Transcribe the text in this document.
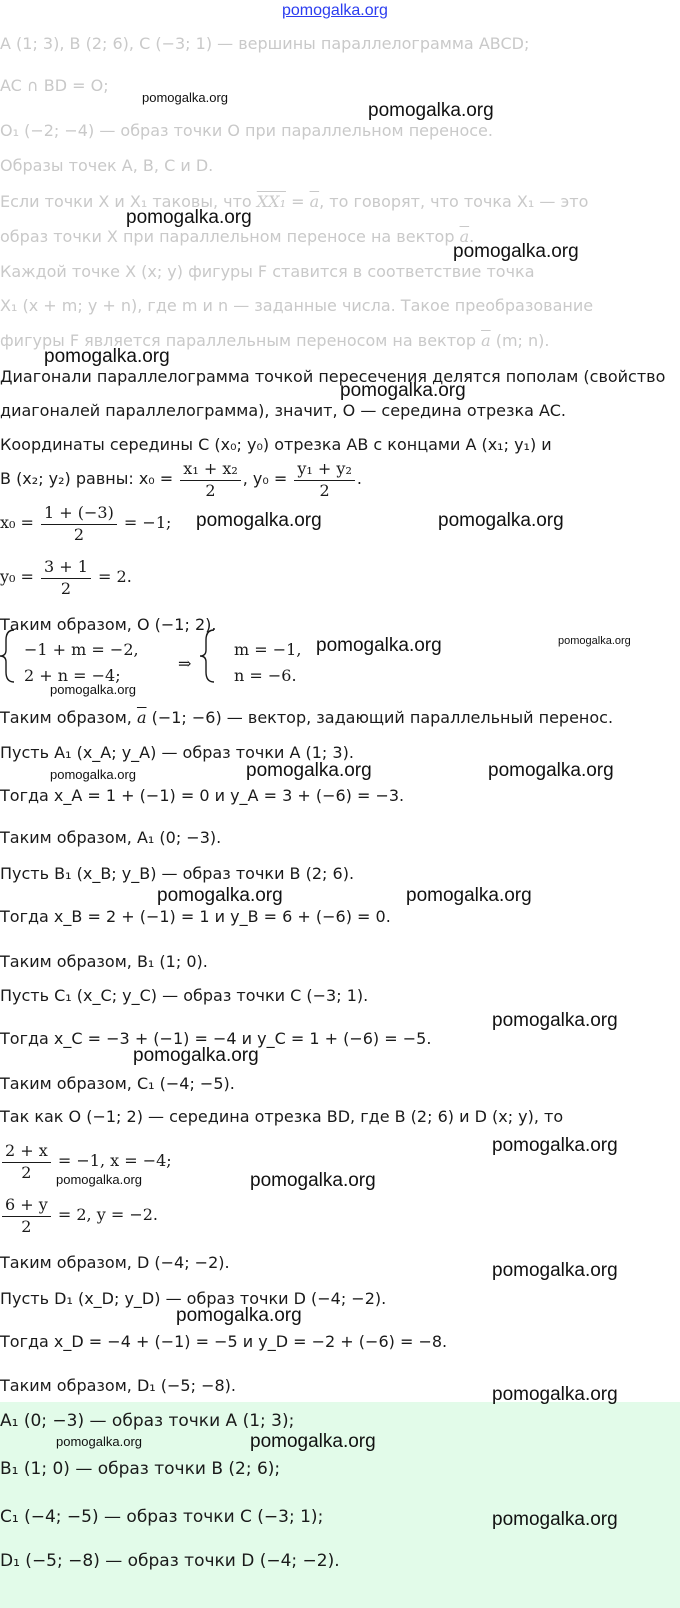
pomogalka.org
A (1; 3), B (2; 6), C (−3; 1) — вершины параллелограмма ABCD;
AC ∩ BD = O;
O₁ (−2; −4) — образ точки O при параллельном переносе.
Образы точек A, B, C и D.
Если точки X и X₁ таковы, что $XX_1 = \overline{a}$, то говорят, что точка X₁ — это
образ точки X при параллельном переносе на вектор $\overline{a}$.
Каждой точке X (x; y) фигуры F ставится в соответствие точка
X₁ (x + m; y + n), где m и n — заданные числа. Такое преобразование
фигуры F является параллельным переносом на вектор $\overline{a}$ (m; n).
Диагонали параллелограмма точкой пересечения делятся пополам (свойство
диагоналей параллелограмма), значит, O — середина отрезка AC.
Координаты середины C (x₀; y₀) отрезка AB с концами A (x₁; y₁) и
B (x₂; y₂) равны: $x_0 = \frac{\text{x₁ + x₂}}{2}$ , $y_0 = \frac{\text{y₁ + y₂}}{2}$ .
$x_0 = \frac{1 + (-3)}{2} = -1$;
$y_0 = \frac{3 + 1}{2} = 2$.
Таким образом, O (−1; 2).
−1 + m = −2,
2 + n = −4;
⇒
m = −1,
n = −6.
Таким образом, $\overline{a}$ (−1; −6) — вектор, задающий параллельный перенос.
Пусть A₁ (x_A; y_A) — образ точки A (1; 3).
Тогда x_A = 1 + (−1) = 0 и y_A = 3 + (−6) = −3.
Таким образом, A₁ (0; −3).
Пусть B₁ (x_B; y_B) — образ точки B (2; 6).
Тогда x_B = 2 + (−1) = 1 и y_B = 6 + (−6) = 0.
Таким образом, B₁ (1; 0).
Пусть C₁ (x_C; y_C) — образ точки C (−3; 1).
Тогда x_C = −3 + (−1) = −4 и y_C = 1 + (−6) = −5.
Таким образом, C₁ (−4; −5).
Так как O (−1; 2) — середина отрезка BD, где B (2; 6) и D (x; y), то
$\frac{2 + x}{2} = -1$, x = −4;
$\frac{6 + y}{2} = 2$, y = −2.
Таким образом, D (−4; −2).
Пусть D₁ (x_D; y_D) — образ точки D (−4; −2).
Тогда x_D = −4 + (−1) = −5 и y_D = −2 + (−6) = −8.
Таким образом, D₁ (−5; −8).
A₁ (0; −3) — образ точки A (1; 3);
B₁ (1; 0) — образ точки B (2; 6);
C₁ (−4; −5) — образ точки C (−3; 1);
D₁ (−5; −8) — образ точки D (−4; −2).
pomogalka.org
pomogalka.org
pomogalka.org
pomogalka.org
pomogalka.org
pomogalka.org
pomogalka.org	pomogalka.org
pomogalka.org	pomogalka.org
pomogalka.org
pomogalka.org	pomogalka.org	pomogalka.org
pomogalka.org	pomogalka.org
pomogalka.org
pomogalka.org
pomogalka.org
pomogalka.org	pomogalka.org
pomogalka.org
pomogalka.org
pomogalka.org
pomogalka.org	pomogalka.org
pomogalka.org
